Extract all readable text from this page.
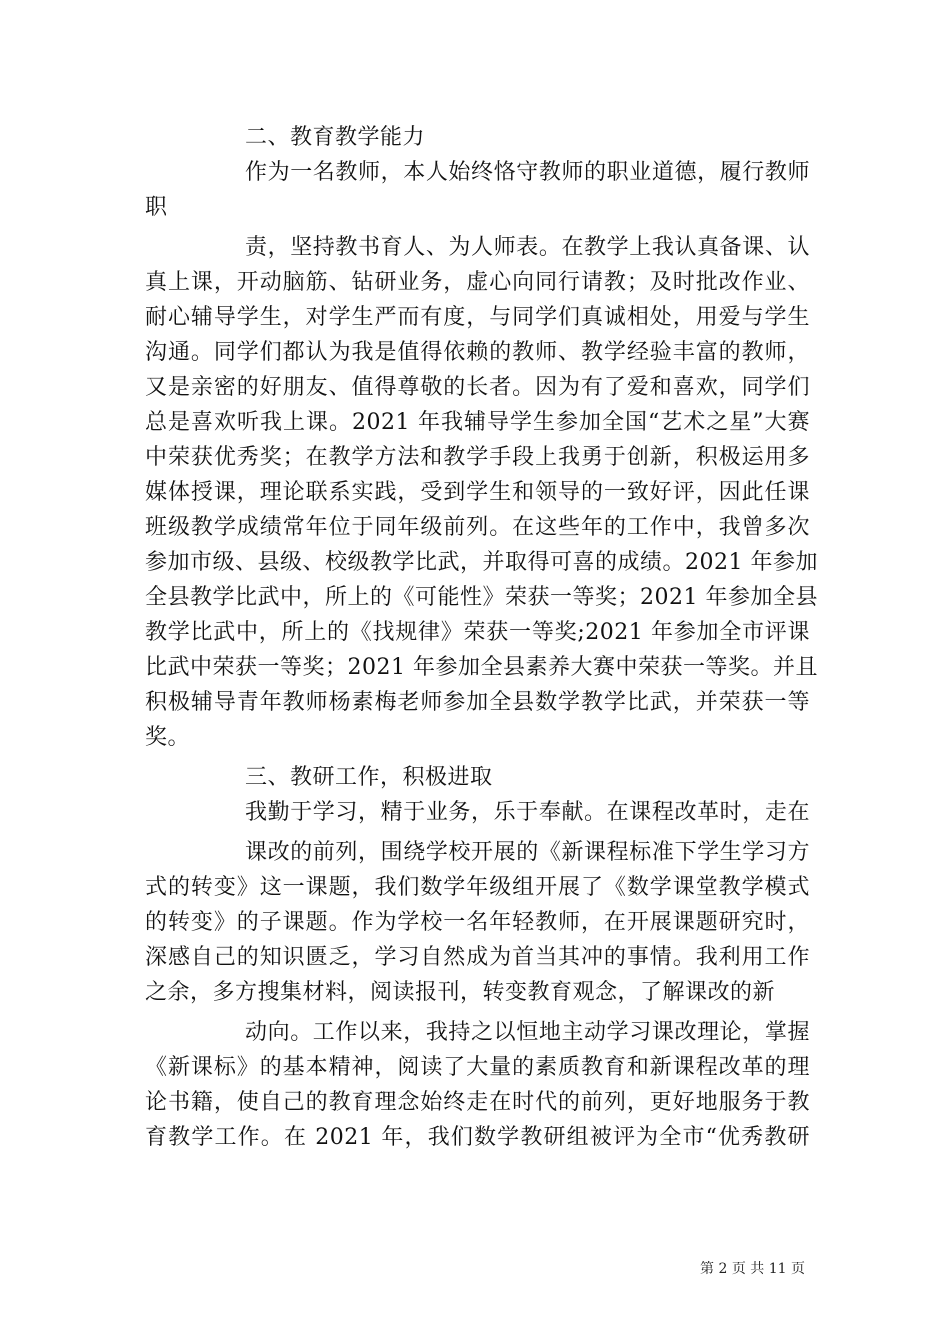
二、教育教学能力
作为一名教师，本人始终恪守教师的职业道德，履行教师
职
责，坚持教书育人、为人师表。在教学上我认真备课、认
真上课，开动脑筋、钻研业务，虚心向同行请教；及时批改作业、
耐心辅导学生，对学生严而有度，与同学们真诚相处，用爱与学生
沟通。同学们都认为我是值得依赖的教师、教学经验丰富的教师，
又是亲密的好朋友、值得尊敬的长者。因为有了爱和喜欢，同学们
总是喜欢听我上课。2021 年我辅导学生参加全国“艺术之星”大赛
中荣获优秀奖；在教学方法和教学手段上我勇于创新，积极运用多
媒体授课，理论联系实践，受到学生和领导的一致好评，因此任课
班级教学成绩常年位于同年级前列。在这些年的工作中，我曾多次
参加市级、县级、校级教学比武，并取得可喜的成绩。2021 年参加
全县教学比武中，所上的《可能性》荣获一等奖；2021 年参加全县
教学比武中，所上的《找规律》荣获一等奖;2021 年参加全市评课
比武中荣获一等奖；2021 年参加全县素养大赛中荣获一等奖。并且
积极辅导青年教师杨素梅老师参加全县数学教学比武，并荣获一等
奖。
三、教研工作，积极进取
我勤于学习，精于业务，乐于奉献。在课程改革时，走在
课改的前列，围绕学校开展的《新课程标准下学生学习方
式的转变》这一课题，我们数学年级组开展了《数学课堂教学模式
的转变》的子课题。作为学校一名年轻教师，在开展课题研究时，
深感自己的知识匮乏，学习自然成为首当其冲的事情。我利用工作
之余，多方搜集材料，阅读报刊，转变教育观念，了解课改的新
动向。工作以来，我持之以恒地主动学习课改理论，掌握
《新课标》的基本精神，阅读了大量的素质教育和新课程改革的理
论书籍，使自己的教育理念始终走在时代的前列，更好地服务于教
育教学工作。在 2021 年，我们数学教研组被评为全市“优秀教研
第 2 页 共 11 页
